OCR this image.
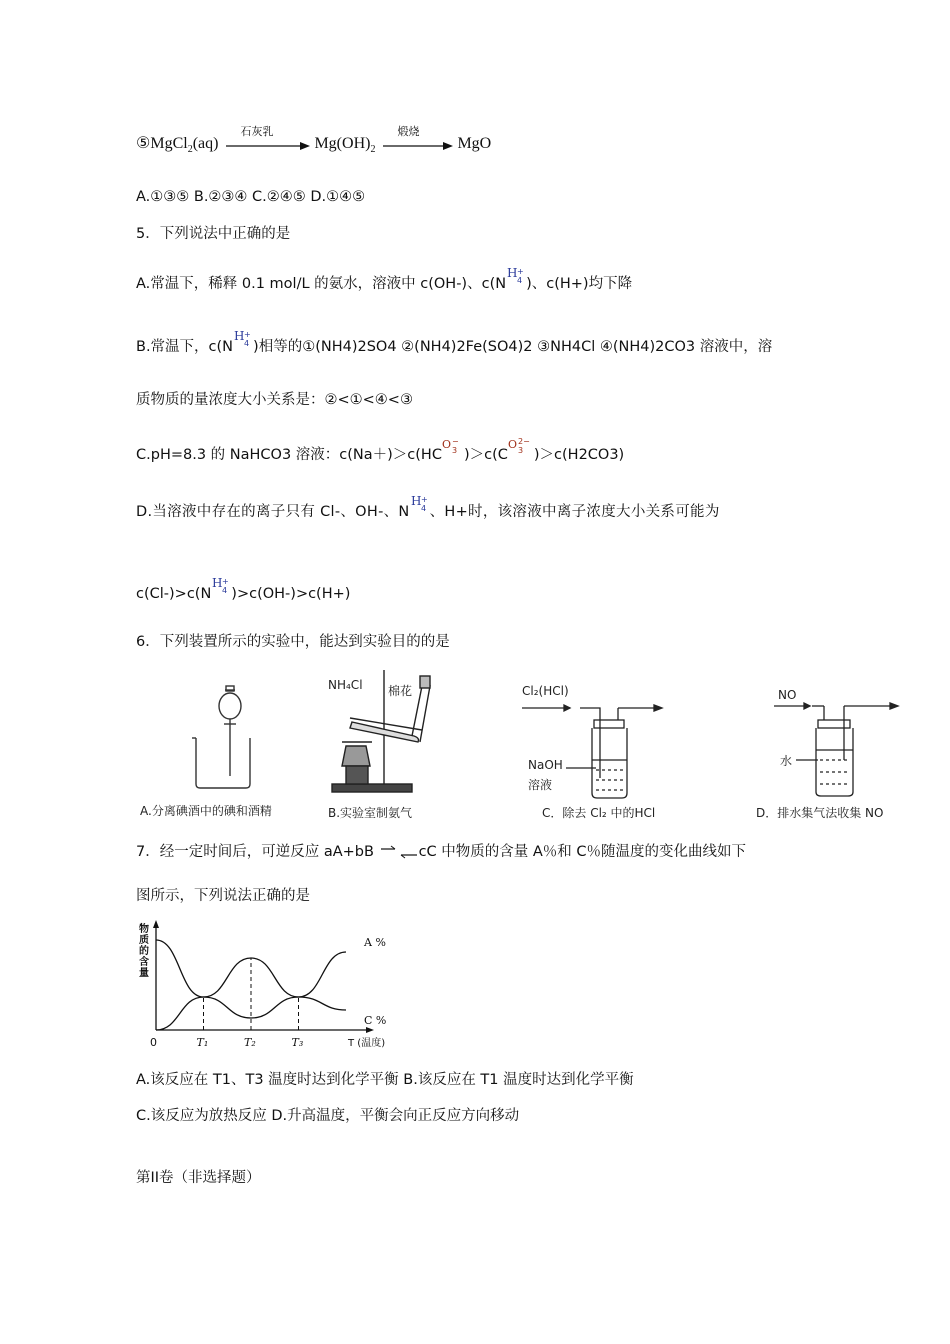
⑤MgCl$_2$(aq)
石灰乳
$Mg(OH)_2$
煅烧
MgO
A.①③⑤ B.②③④ C.②④⑤ D.①④⑤
5．下列说法中正确的是
A.常温下，稀释 0.1 mol/L 的氨水，溶液中 c(OH-)、c(N
H +
4 )、c(H+)均下降
B.常温下，c(N
H +
4 )相等的①(NH4)2SO4 ②(NH4)2Fe(SO4)2 ③NH4Cl ④(NH4)2CO3 溶液中，溶
质物质的量浓度大小关系是：②<①<④<③
C.pH=8.3 的 NaHCO3 溶液：c(Na＋)＞c(HC
O −
3 )＞c(C
O 2−
3 )＞c(H2CO3)
D.当溶液中存在的离子只有 Cl-、OH-、N
H +
4 、H+时，该溶液中离子浓度大小关系可能为
c(Cl-)>c(N
H +
4 )>c(OH-)>c(H+)
6．下列装置所示的实验中，能达到实验目的的是
A.分离碘酒中的碘和酒精
NH₄Cl 棉花
B.实验室制氨气
Cl₂(HCl)
NaOH
溶液
C．除去 Cl₂ 中的HCl
NO
水
D．排水集气法收集 NO
7．经一定时间后，可逆反应 aA+bB	cC 中物质的含量 A％和 C％随温度的变化曲线如下
图所示，下列说法正确的是
物
质
的
含
量
0	T₁	T₂	T₃	T (温度)
A %
C %
A.该反应在 T1、T3 温度时达到化学平衡 B.该反应在 T1 温度时达到化学平衡
C.该反应为放热反应 D.升高温度，平衡会向正反应方向移动
第II卷（非选择题）
